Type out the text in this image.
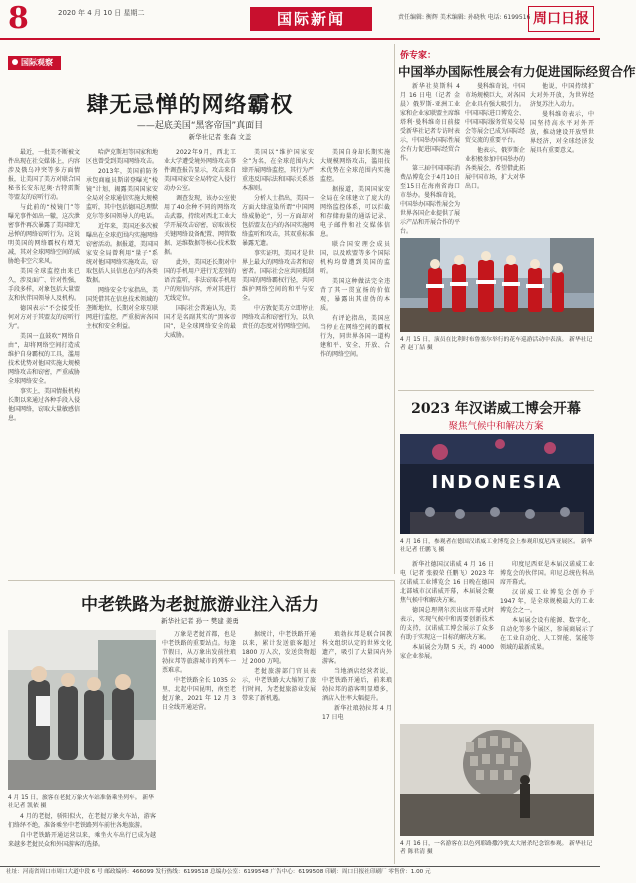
8	2020 年 4 月 10 日 星期二	国际新闻	责任编辑: 衡辉 美术编辑: 孙晓秋 电话: 6199516 周口日报
国际观察
肆无忌惮的网络霸权
——起底美国“黑客帝国”真面目
新华社记者 张森 文盖

最近，一批美不断被文件出现在社交媒体上，内容涉及俄乌冲突等多方面情报，让美国了美方对联合国秘书长安东尼奥·古特雷斯等盟友的窃听行动。

与此前的“棱镜门”等曝光事件如出一辙，这次泄密事件再次暴露了美国肆无忌惮的网络窃听行为。这说明美国的网络霸权有增无减，其对全球网络空间的威胁绝非空穴来风。

美国全球监控由来已久，涉及面广、针对性强，手段多样，对象包括大量盟友和伙伴国领导人及机构。

德国表示“不会接受任何对方对于其盟友的窃听行为”。

美国一直鼓吹“网络自由”，却将网络空间打造成维护自身霸权的工具，滥用技术优势对他国实施大规模网络攻击和窃密，严重威胁全球网络安全。

事实上，美国情报机构长期以来通过各种手段入侵他国网络，窃取大量敏感信息。

哈萨克斯坦等国家和地区也曾受到美国网络攻击。

2013年，美国前防务承包商雇员斯诺登曝光“棱镜”计划，揭露美国国家安全局对全球通信实施大规模监听，其中包括德国总理默克尔等多国领导人的电话。

近年来，美国还多次被曝出在全球范围内实施网络窃密活动。据报道，美国国家安全局曾利用“量子”系统对他国网络实施攻击，窃取包括人员信息在内的各类数据。

网络安全专家指出，美国凭借其在信息技术领域的垄断地位，长期对全球互联网进行监控，严重损害各国主权和安全利益。

2022年9月，西北工业大学遭受境外网络攻击事件调查报告显示，攻击来自美国国家安全局特定入侵行动办公室。

调查发现，该办公室使用了40余种不同的网络攻击武器，持续对西北工业大学开展攻击窃密，窃取该校关键网络设备配置、网管数据、运维数据等核心技术数据。

此外，美国还长期对中国的手机用户进行无差别的语音监听，非法窃取手机用户的短信内容，并对其进行无线定位。

国际社会普遍认为，美国才是名副其实的“黑客帝国”，是全球网络安全的最大威胁。

美国以“维护国家安全”为名，在全球范围内大肆开展网络监控，其行为严重违反国际法和国际关系基本准则。

分析人士指出，美国一方面大肆渲染所谓“中国网络威胁论”，另一方面却对包括盟友在内的各国实施网络监听和攻击，其双重标准暴露无遗。

事实证明，美国才是世界上最大的网络攻击者和窃密者。国际社会应共同抵制美国的网络霸权行径，共同维护网络空间的和平与安全。

中方敦促美方立即停止网络攻击和窃密行为，以负责任的态度对待网络空间。

美国自身却长期实施大规模网络攻击，滥用技术优势在全球范围内实施监控。

据报道，美国国家安全局在全球建立了庞大的网络监控体系，可以拦截和存储海量的通话记录、电子邮件和社交媒体信息。

联合国安理会成员国，以及欧盟等多个国际机构均曾遭到美国的监听。

美国这种做法完全违背了其一贯宣扬的价值观，暴露出其虚伪的本质。

有评论指出，美国应当停止在网络空间的霸权行为，同世界各国一道构建和平、安全、开放、合作的网络空间。

侨专家：
中国举办国际性展会有力促进国际经贸合作

新华社莫斯科 4 月 16 日电（记者 金晨）俄罗斯-亚洲工业家和企业家联盟主席维塔利·曼科维奇日前接受新华社记者专访时表示，中国举办国际性展会有力促进国际经贸合作。

第三届中国国际消费品博览会于4月10日至15日在海南省海口市举办。曼科维奇说，中国举办国际性展会为世界各国企业提供了展示产品和开展合作的平台。

曼科维奇说，中国市场规模巨大，对各国企业具有强大吸引力。中国国际进口博览会、中国国际服务贸易交易会等展会已成为国际经贸交流的重要平台。

他表示，俄罗斯企业积极参加中国举办的各类展会，希望借此拓展中国市场，扩大对华出口。

他说，中国持续扩大对外开放，为世界经济复苏注入动力。

曼科维奇表示，中国坚持高水平对外开放，推动建设开放型世界经济，对全球经济发展具有重要意义。

4 月 15 日，演员在比利时布鲁塞尔举行的花车巡游活动中表演。 新华社记者 赵丁喆 摄
2023 年汉诺威工博会开幕
聚焦气候中和解决方案
INDONESIA
4 月 16 日，参观者在德国汉诺威工业博览会上参观印度尼西亚展区。 新华社记者 任鹏飞 摄

新华社德国汉诺威 4 月 16 日电（记者 张毅荣 任鹏飞）2023 年汉诺威工业博览会 16 日晚在德国北部城市汉诺威开幕，本届展会聚焦气候中和解决方案。

德国总理朔尔茨出席开幕式时表示，实现气候中和需要创新技术的支持，汉诺威工博会展示了众多有助于实现这一目标的解决方案。

本届展会为期 5 天，约 4000 家企业参展。

印度尼西亚是本届汉诺威工业博览会的伙伴国。印尼总统佐科出席开幕式。

汉诺威工业博览会创办于 1947 年，是全球规模最大的工业博览会之一。

本届展会设有能源、数字化、自动化等多个展区，参展商展示了在工业自动化、人工智能、氢能等领域的最新成果。

4 月 16 日，一名游客在以色列耶路撒冷犹太大屠杀纪念馆参观。 新华社记者 陈君清 摄
中老铁路为老挝旅游业注入活力
新华社记者 孙一 樊建 姜勇
4 月 15 日，旅客在老挝万象火车站准备乘坐列车。 新华社记者 凯依 摄

4 月的老挝，骄阳似火，在老挝万象火车站，游客们络绎不绝，准备乘坐中老铁路列车前往各地旅游。

自中老铁路开通运营以来，乘坐火车出行已成为越来越多老挝民众和外国游客的选择。

万象是老挝首都，也是中老铁路的重要站点。每逢节假日，从万象出发前往琅勃拉邦等旅游城市的列车一票难求。

中老铁路全长 1035 公里，北起中国昆明，南至老挝万象，2021 年 12 月 3 日全线开通运营。

据统计，中老铁路开通以来，累计发送旅客超过 1800 万人次，发送货物超过 2000 万吨。

老挝旅游部门官员表示，中老铁路大大缩短了旅行时间，为老挝旅游业发展带来了新机遇。

琅勃拉邦是联合国教科文组织认定的世界文化遗产，吸引了大量国内外游客。

当地酒店经营者说，中老铁路开通后，前来琅勃拉邦的游客明显增多，酒店入住率大幅提升。

新华社琅勃拉邦 4 月 17 日电

社址：河南省周口市周口大道中段 6 号 邮政编码：466099 发行热线：6199518 总编办公室：6199548 广告中心：6199508 印刷：周口日报社印刷厂 零售价：1.00 元
